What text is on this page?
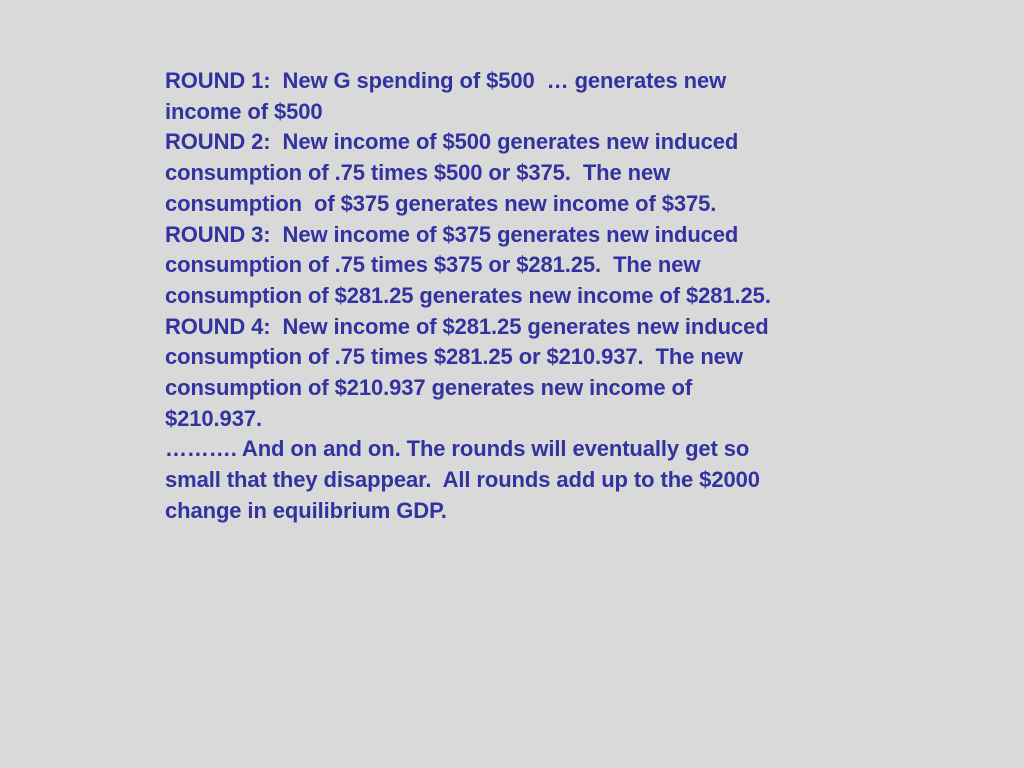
ROUND 1:  New G spending of $500  … generates new
income of $500
ROUND 2:  New income of $500 generates new induced
consumption of .75 times $500 or $375.  The new
consumption  of $375 generates new income of $375.
ROUND 3:  New income of $375 generates new induced
consumption of .75 times $375 or $281.25.  The new
consumption of $281.25 generates new income of $281.25.
ROUND 4:  New income of $281.25 generates new induced
consumption of .75 times $281.25 or $210.937.  The new
consumption of $210.937 generates new income of
$210.937.
………. And on and on. The rounds will eventually get so
small that they disappear.  All rounds add up to the $2000
change in equilibrium GDP.
